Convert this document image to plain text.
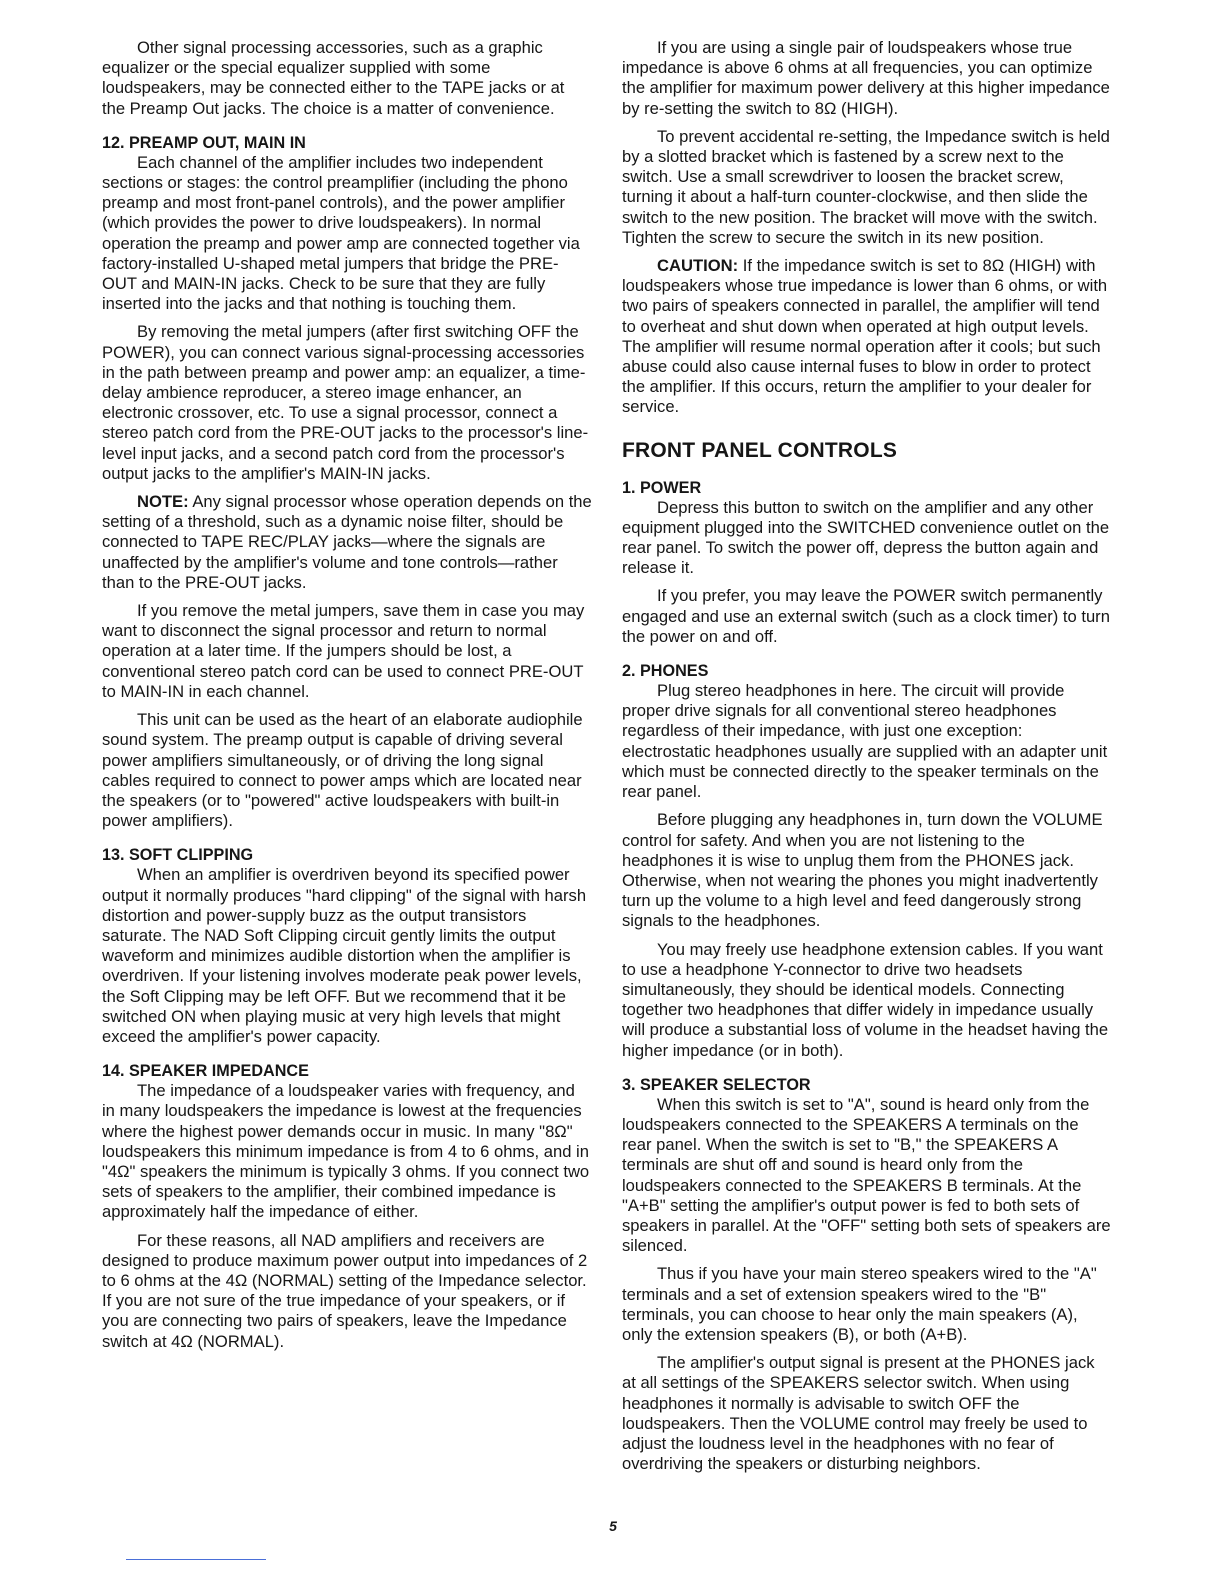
Other signal processing accessories, such as a graphic equalizer or the special equalizer supplied with some loudspeakers, may be connected either to the TAPE jacks or at the Preamp Out jacks. The choice is a matter of convenience.

12. PREAMP OUT, MAIN IN

Each channel of the amplifier includes two independent sections or stages: the control preamplifier (including the phono preamp and most front-panel controls), and the power amplifier (which provides the power to drive loudspeakers). In normal operation the preamp and power amp are connected together via factory-installed U-shaped metal jumpers that bridge the PRE-OUT and MAIN-IN jacks. Check to be sure that they are fully inserted into the jacks and that nothing is touching them.

By removing the metal jumpers (after first switching OFF the POWER), you can connect various signal-processing accessories in the path between preamp and power amp: an equalizer, a time-delay ambience reproducer, a stereo image enhancer, an electronic crossover, etc. To use a signal processor, connect a stereo patch cord from the PRE-OUT jacks to the processor's line-level input jacks, and a second patch cord from the processor's output jacks to the amplifier's MAIN-IN jacks.

NOTE: Any signal processor whose operation depends on the setting of a threshold, such as a dynamic noise filter, should be connected to TAPE REC/PLAY jacks—where the signals are unaffected by the amplifier's volume and tone controls—rather than to the PRE-OUT jacks.

If you remove the metal jumpers, save them in case you may want to disconnect the signal processor and return to normal operation at a later time. If the jumpers should be lost, a conventional stereo patch cord can be used to connect PRE-OUT to MAIN-IN in each channel.

This unit can be used as the heart of an elaborate audiophile sound system. The preamp output is capable of driving several power amplifiers simultaneously, or of driving the long signal cables required to connect to power amps which are located near the speakers (or to "powered" active loudspeakers with built-in power amplifiers).

13. SOFT CLIPPING

When an amplifier is overdriven beyond its specified power output it normally produces "hard clipping" of the signal with harsh distortion and power-supply buzz as the output transistors saturate. The NAD Soft Clipping circuit gently limits the output waveform and minimizes audible distortion when the amplifier is overdriven. If your listening involves moderate peak power levels, the Soft Clipping may be left OFF. But we recommend that it be switched ON when playing music at very high levels that might exceed the amplifier's power capacity.

14. SPEAKER IMPEDANCE

The impedance of a loudspeaker varies with frequency, and in many loudspeakers the impedance is lowest at the frequencies where the highest power demands occur in music. In many "8Ω" loudspeakers this minimum impedance is from 4 to 6 ohms, and in "4Ω" speakers the minimum is typically 3 ohms. If you connect two sets of speakers to the amplifier, their combined impedance is approximately half the impedance of either.

For these reasons, all NAD amplifiers and receivers are designed to produce maximum power output into impedances of 2 to 6 ohms at the 4Ω (NORMAL) setting of the Impedance selector. If you are not sure of the true impedance of your speakers, or if you are connecting two pairs of speakers, leave the Impedance switch at 4Ω (NORMAL).

If you are using a single pair of loudspeakers whose true impedance is above 6 ohms at all frequencies, you can optimize the amplifier for maximum power delivery at this higher impedance by re-setting the switch to 8Ω (HIGH).

To prevent accidental re-setting, the Impedance switch is held by a slotted bracket which is fastened by a screw next to the switch. Use a small screwdriver to loosen the bracket screw, turning it about a half-turn counter-clockwise, and then slide the switch to the new position. The bracket will move with the switch. Tighten the screw to secure the switch in its new position.

CAUTION: If the impedance switch is set to 8Ω (HIGH) with loudspeakers whose true impedance is lower than 6 ohms, or with two pairs of speakers connected in parallel, the amplifier will tend to overheat and shut down when operated at high output levels. The amplifier will resume normal operation after it cools; but such abuse could also cause internal fuses to blow in order to protect the amplifier. If this occurs, return the amplifier to your dealer for service.

FRONT PANEL CONTROLS
1. POWER

Depress this button to switch on the amplifier and any other equipment plugged into the SWITCHED convenience outlet on the rear panel. To switch the power off, depress the button again and release it.

If you prefer, you may leave the POWER switch permanently engaged and use an external switch (such as a clock timer) to turn the power on and off.

2. PHONES

Plug stereo headphones in here. The circuit will provide proper drive signals for all conventional stereo headphones regardless of their impedance, with just one exception: electrostatic headphones usually are supplied with an adapter unit which must be connected directly to the speaker terminals on the rear panel.

Before plugging any headphones in, turn down the VOLUME control for safety. And when you are not listening to the headphones it is wise to unplug them from the PHONES jack. Otherwise, when not wearing the phones you might inadvertently turn up the volume to a high level and feed dangerously strong signals to the headphones.

You may freely use headphone extension cables. If you want to use a headphone Y-connector to drive two headsets simultaneously, they should be identical models. Connecting together two headphones that differ widely in impedance usually will produce a substantial loss of volume in the headset having the higher impedance (or in both).

3. SPEAKER SELECTOR

When this switch is set to "A", sound is heard only from the loudspeakers connected to the SPEAKERS A terminals on the rear panel. When the switch is set to "B," the SPEAKERS A terminals are shut off and sound is heard only from the loudspeakers connected to the SPEAKERS B terminals. At the "A+B" setting the amplifier's output power is fed to both sets of speakers in parallel. At the "OFF" setting both sets of speakers are silenced.

Thus if you have your main stereo speakers wired to the "A" terminals and a set of extension speakers wired to the "B" terminals, you can choose to hear only the main speakers (A), only the extension speakers (B), or both (A+B).

The amplifier's output signal is present at the PHONES jack at all settings of the SPEAKERS selector switch. When using headphones it normally is advisable to switch OFF the loudspeakers. Then the VOLUME control may freely be used to adjust the loudness level in the headphones with no fear of overdriving the speakers or disturbing neighbors.

5
